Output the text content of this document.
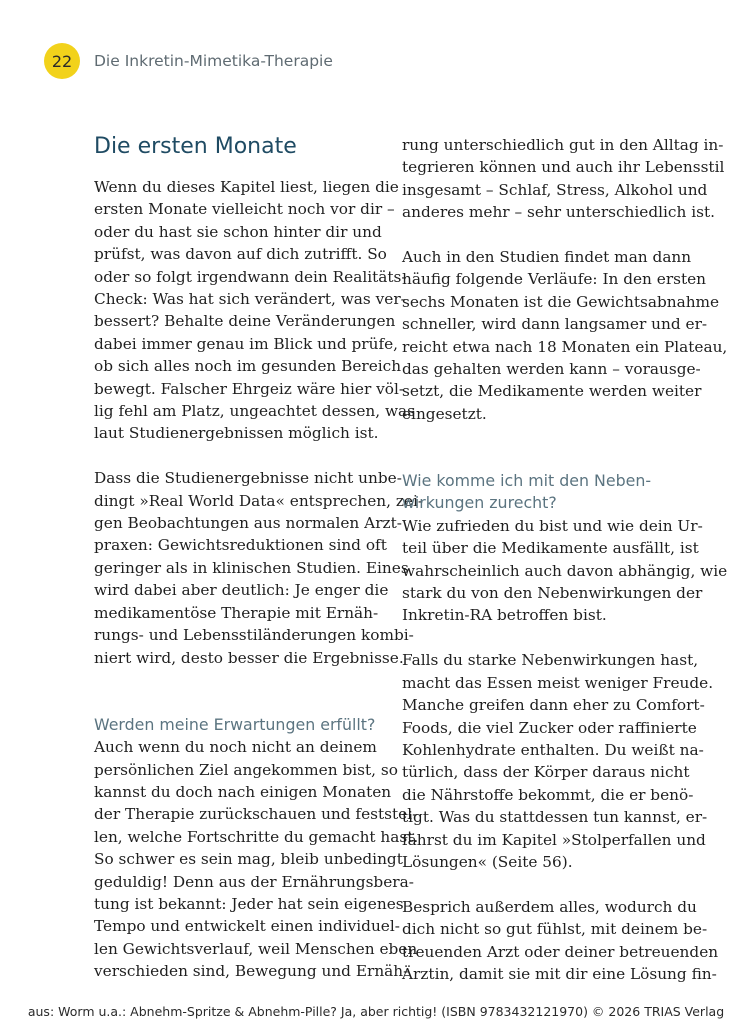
22 Die Inkretin-Mimetika-Therapie
Die ersten Monate
Wenn du dieses Kapitel liest, liegen die
ersten Monate vielleicht noch vor dir –
oder du hast sie schon hinter dir und
prüfst, was davon auf dich zutrifft. So
oder so folgt irgendwann dein Realitäts-
Check: Was hat sich verändert, was ver-
bessert? Behalte deine Veränderungen
dabei immer genau im Blick und prüfe,
ob sich alles noch im gesunden Bereich
bewegt. Falscher Ehrgeiz wäre hier völ-
lig fehl am Platz, ungeachtet dessen, was
laut Studienergebnissen möglich ist.
Dass die Studienergebnisse nicht unbe-
dingt »Real World Data« entsprechen, zei-
gen Beobachtungen aus normalen Arzt-
praxen: Gewichtsreduktionen sind oft
geringer als in klinischen Studien. Eines
wird dabei aber deutlich: Je enger die
medikamentöse Therapie mit Ernäh-
rungs- und Lebensstiländerungen kombi-
niert wird, desto besser die Ergebnisse.
Werden meine Erwartungen erfüllt?
Auch wenn du noch nicht an deinem
persönlichen Ziel angekommen bist, so
kannst du doch nach einigen Monaten
der Therapie zurückschauen und feststel-
len, welche Fortschritte du gemacht hast.
So schwer es sein mag, bleib unbedingt
geduldig! Denn aus der Ernährungsbera-
tung ist bekannt: Jeder hat sein eigenes
Tempo und entwickelt einen individuel-
len Gewichtsverlauf, weil Menschen eben
verschieden sind, Bewegung und Ernäh-
rung unterschiedlich gut in den Alltag in-
tegrieren können und auch ihr Lebensstil
insgesamt – Schlaf, Stress, Alkohol und
anderes mehr – sehr unterschiedlich ist.
Auch in den Studien findet man dann
häufig folgende Verläufe: In den ersten
sechs Monaten ist die Gewichtsabnahme
schneller, wird dann langsamer und er-
reicht etwa nach 18 Monaten ein Plateau,
das gehalten werden kann – vorausge-
setzt, die Medikamente werden weiter
eingesetzt.
Wie komme ich mit den Neben-
wirkungen zurecht?
Wie zufrieden du bist und wie dein Ur-
teil über die Medikamente ausfällt, ist
wahrscheinlich auch davon abhängig, wie
stark du von den Nebenwirkungen der
Inkretin-RA betroffen bist.
Falls du starke Nebenwirkungen hast,
macht das Essen meist weniger Freude.
Manche greifen dann eher zu Comfort-
Foods, die viel Zucker oder raffinierte
Kohlenhydrate enthalten. Du weißt na-
türlich, dass der Körper daraus nicht
die Nährstoffe bekommt, die er benö-
tigt. Was du stattdessen tun kannst, er-
fährst du im Kapitel »Stolperfallen und
Lösungen« (Seite 56).
Besprich außerdem alles, wodurch du
dich nicht so gut fühlst, mit deinem be-
treuenden Arzt oder deiner betreuenden
Ärztin, damit sie mit dir eine Lösung fin-
aus: Worm u.a.: Abnehm-Spritze & Abnehm-Pille? Ja, aber richtig! (ISBN 9783432121970) © 2026 TRIAS Verlag
